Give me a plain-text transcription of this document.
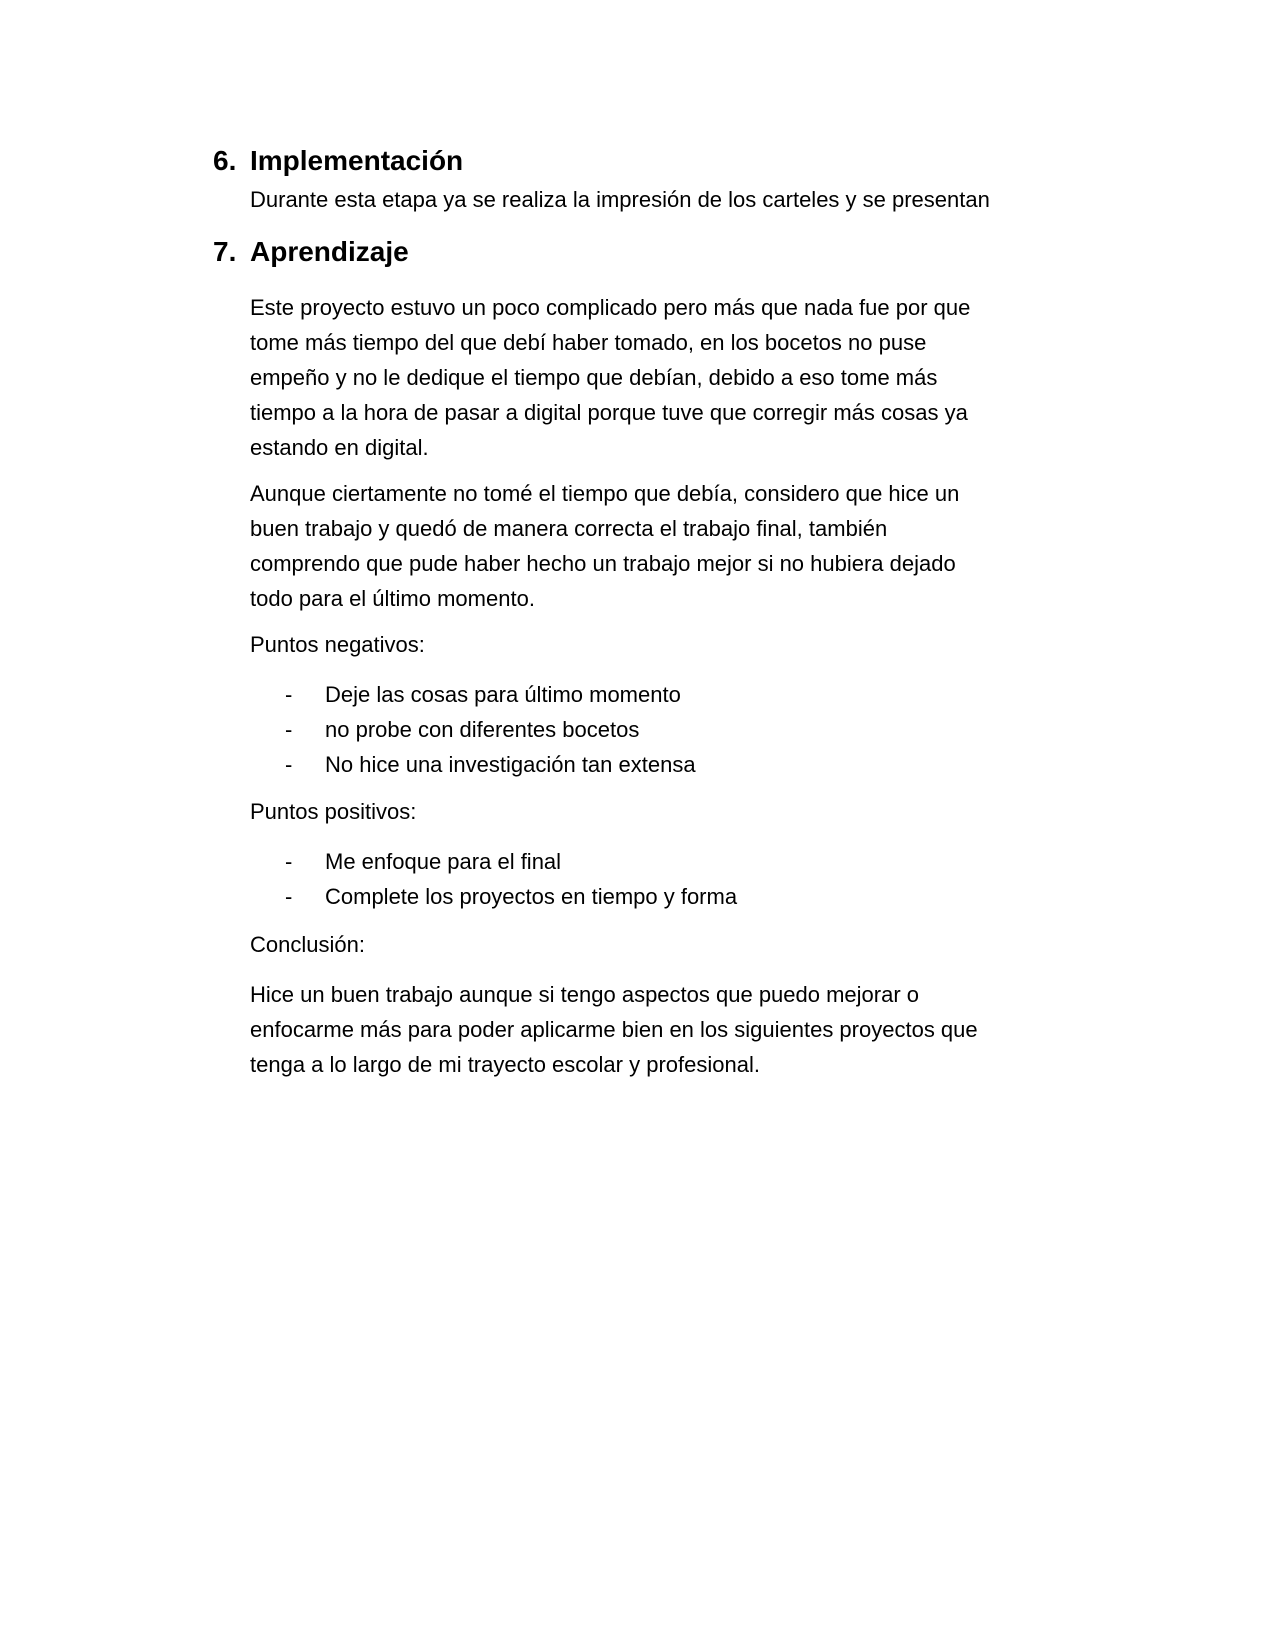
6. Implementación
Durante esta etapa ya se realiza la impresión de los carteles y se presentan
7. Aprendizaje
Este proyecto estuvo un poco complicado pero más que nada fue por que
tome más tiempo del que debí haber tomado, en los bocetos no puse
empeño y no le dedique el tiempo que debían, debido a eso tome más
tiempo a la hora de pasar a digital porque tuve que corregir más cosas ya
estando en digital.
Aunque ciertamente no tomé el tiempo que debía, considero que hice un
buen trabajo y quedó de manera correcta el trabajo final, también
comprendo que pude haber hecho un trabajo mejor si no hubiera dejado
todo para el último momento.
Puntos negativos:
- Deje las cosas para último momento
- no probe con diferentes bocetos
- No hice una investigación tan extensa
Puntos positivos:
- Me enfoque para el final
- Complete los proyectos en tiempo y forma
Conclusión:
Hice un buen trabajo aunque si tengo aspectos que puedo mejorar o
enfocarme más para poder aplicarme bien en los siguientes proyectos que
tenga a lo largo de mi trayecto escolar y profesional.
